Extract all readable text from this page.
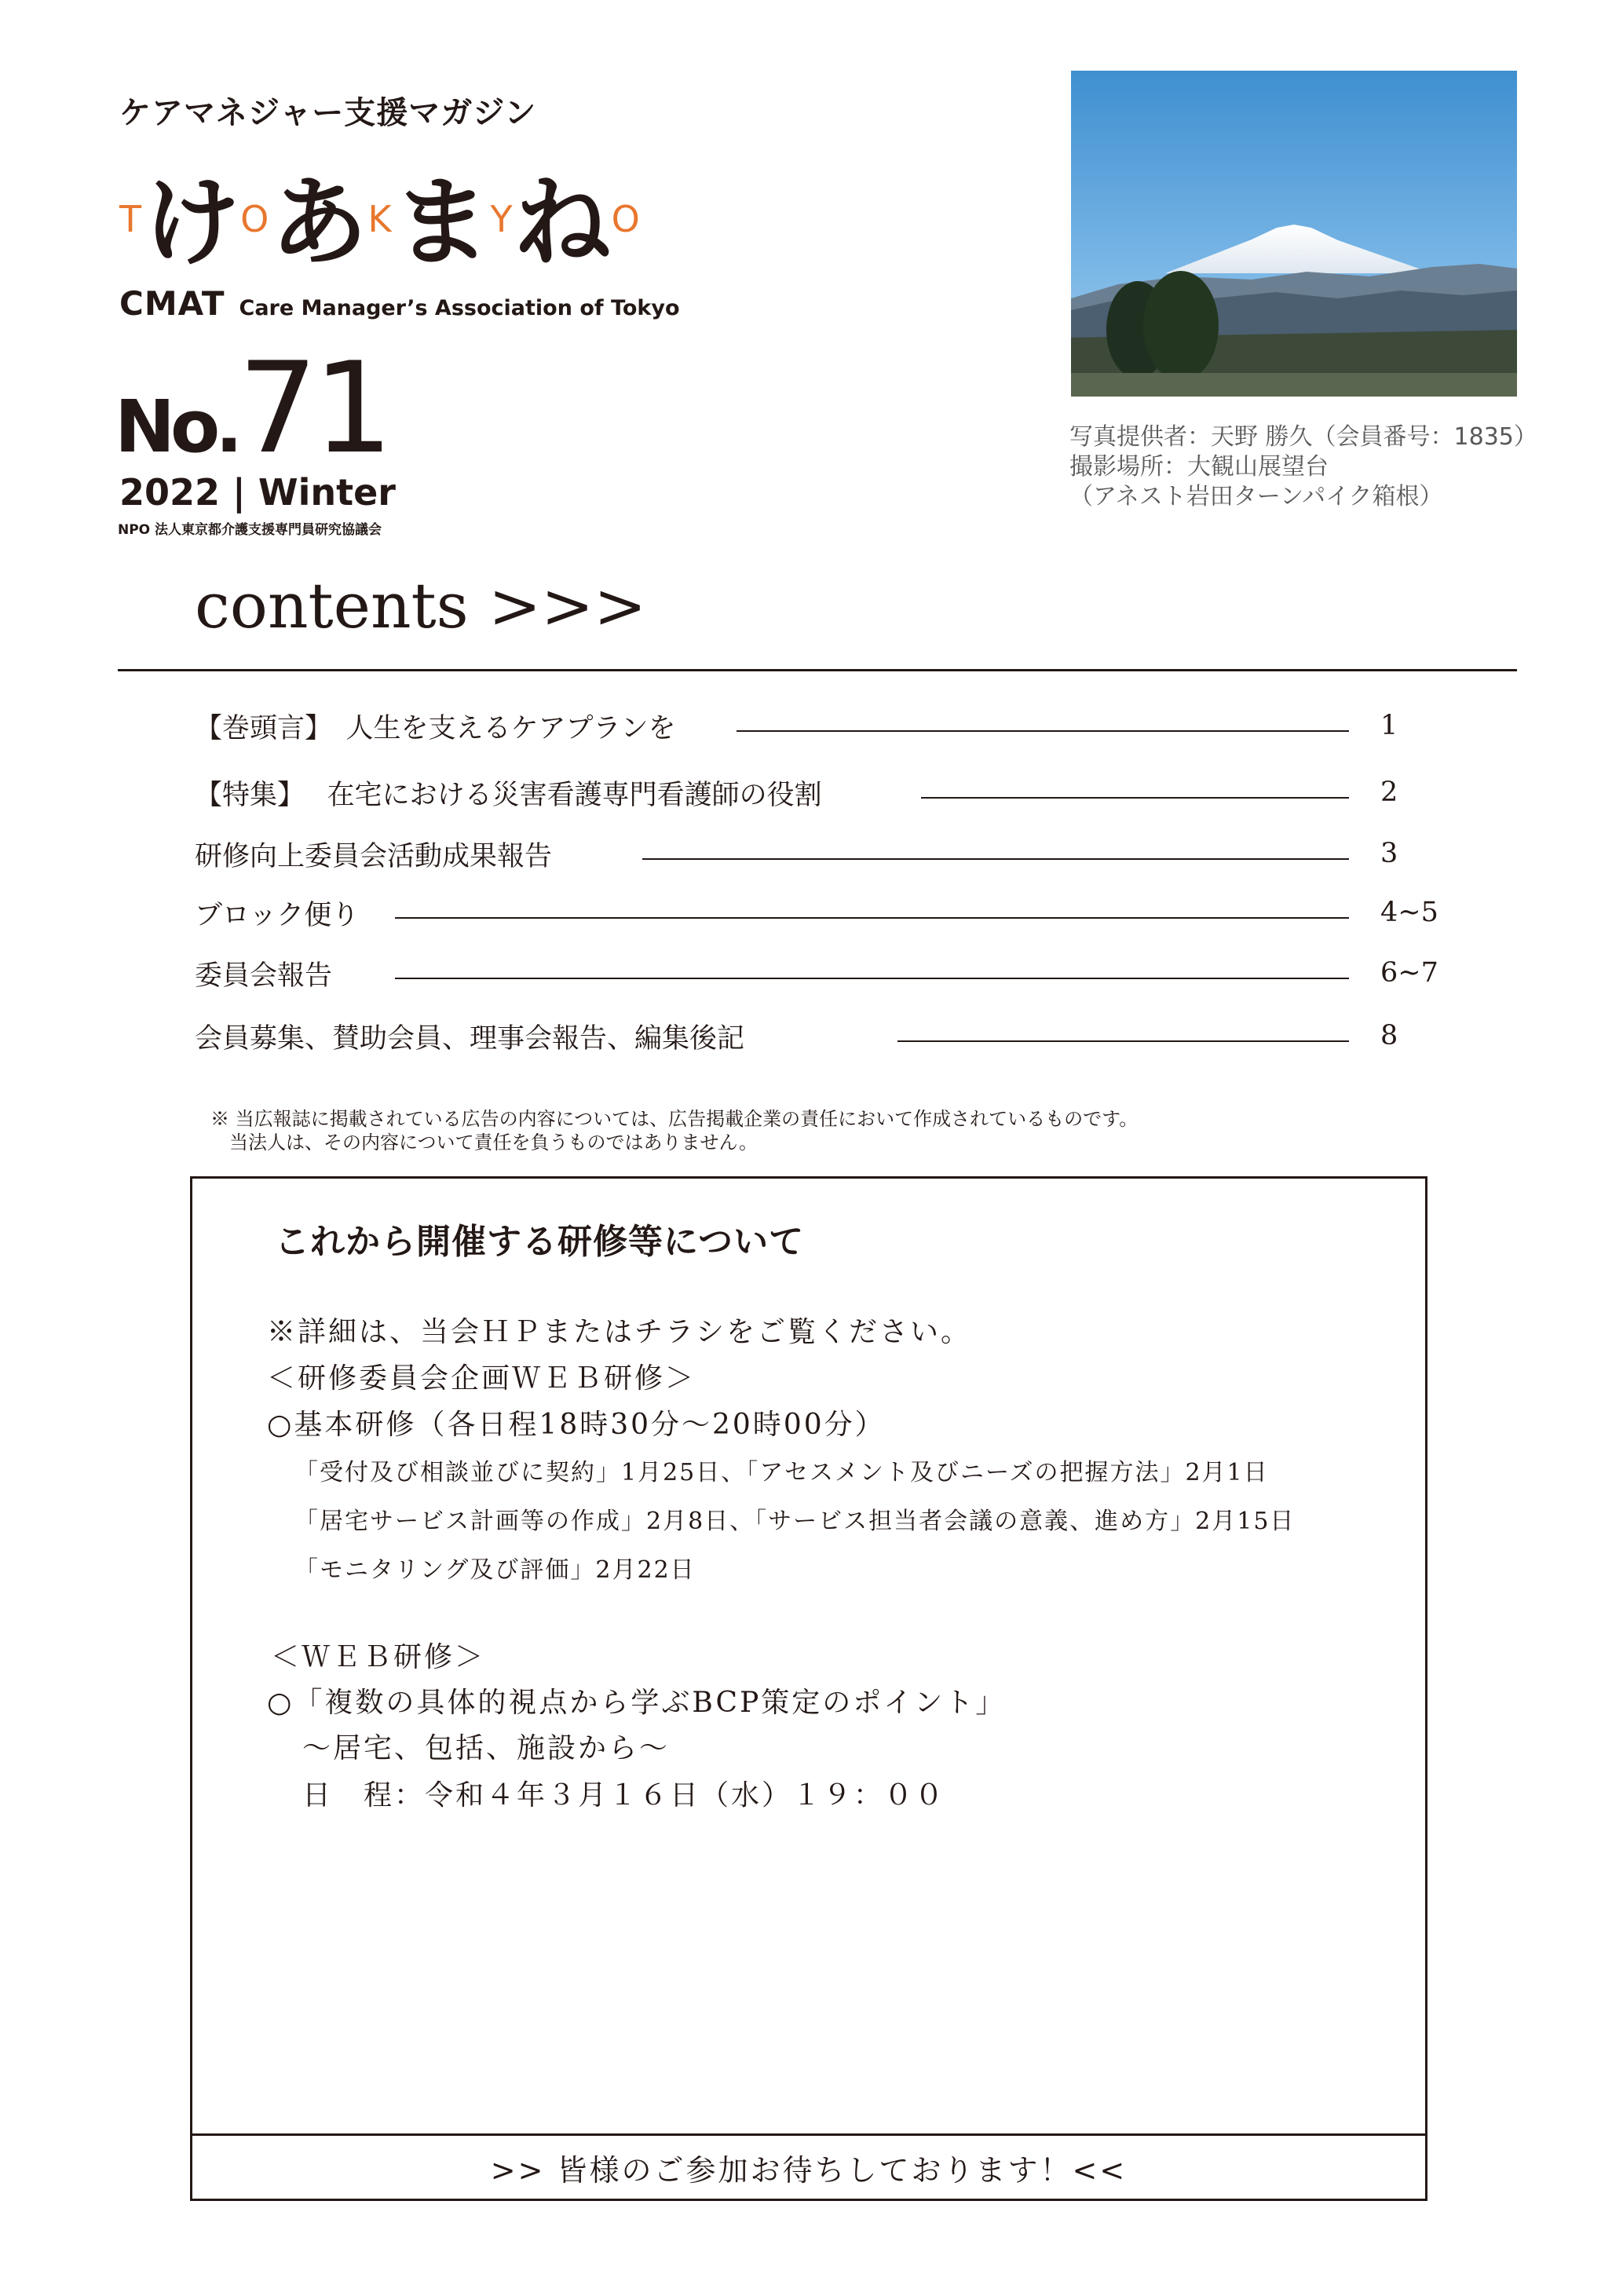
ケアマネジャー支援マガジン
T け O あ K ま Y ね O
CMAT Care Manager’s Association of Tokyo
No. 71
2022 | Winter
NPO 法人東京都介護支援専門員研究協議会
写真提供者：天野 勝久（会員番号：1835）
撮影場所：大観山展望台
（アネスト岩田ターンパイク箱根）
contents >>>
【巻頭言】　人生を支えるケアプランを	1
【特集】　 在宅における災害看護専門看護師の役割	2
研修向上委員会活動成果報告	3
ブロック便り	4~5
委員会報告	6~7
会員募集、賛助会員、理事会報告、編集後記	8
※ 当広報誌に掲載されている広告の内容については、広告掲載企業の責任において作成されているものです。
当法人は、その内容について責任を負うものではありません。
これから開催する研修等について
※詳細は、当会ＨＰまたはチラシをご覧ください。
＜研修委員会企画ＷＥＢ研修＞
○基本研修（各日程18時30分～20時00分）
「受付及び相談並びに契約」1月25日、「アセスメント及びニーズの把握方法」2月1日
「居宅サービス計画等の作成」2月8日、「サービス担当者会議の意義、進め方」2月15日
「モニタリング及び評価」2月22日
＜ＷＥＢ研修＞
○「複数の具体的視点から学ぶBCP策定のポイント」
～居宅、包括、施設から～
日　程：令和４年３月１６日（水）１９：００
>> 皆様のご参加お待ちしております！<<
